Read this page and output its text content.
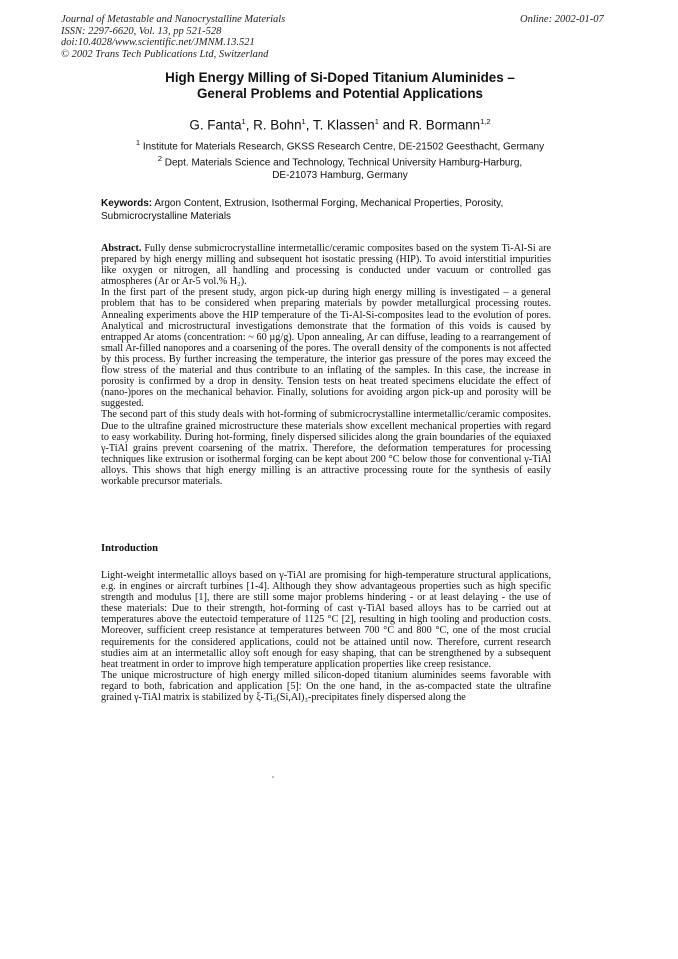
Journal of Metastable and Nanocrystalline Materials
ISSN: 2297-6620, Vol. 13, pp 521-528
doi:10.4028/www.scientific.net/JMNM.13.521
© 2002 Trans Tech Publications Ltd, Switzerland
Online: 2002-01-07
High Energy Milling of Si-Doped Titanium Aluminides –
General Problems and Potential Applications
G. Fanta$^1$, R. Bohn$^1$, T. Klassen$^1$ and R. Bormann$^{1,2}$
$^1$ Institute for Materials Research, GKSS Research Centre, DE-21502 Geesthacht, Germany
$^2$ Dept. Materials Science and Technology, Technical University Hamburg-Harburg,
DE-21073 Hamburg, Germany
Keywords: Argon Content, Extrusion, Isothermal Forging, Mechanical Properties, Porosity, Submicrocrystalline Materials

Abstract. Fully dense submicrocrystalline intermetallic/ceramic composites based on the system Ti-Al-Si are prepared by high energy milling and subsequent hot isostatic pressing (HIP). To avoid interstitial impurities like oxygen or nitrogen, all handling and processing is conducted under vacuum or controlled gas atmospheres (Ar or Ar-5 vol.% H₂).

In the first part of the present study, argon pick-up during high energy milling is investigated – a general problem that has to be considered when preparing materials by powder metallurgical processing routes. Annealing experiments above the HIP temperature of the Ti-Al-Si-composites lead to the evolution of pores. Analytical and microstructural investigations demonstrate that the formation of this voids is caused by entrapped Ar atoms (concentration: ~ 60 µg/g). Upon annealing, Ar can diffuse, leading to a rearrangement of small Ar-filled nanopores and a coarsening of the pores. The overall density of the components is not affected by this process. By further increasing the temperature, the interior gas pressure of the pores may exceed the flow stress of the material and thus contribute to an inflating of the samples. In this case, the increase in porosity is confirmed by a drop in density. Tension tests on heat treated specimens elucidate the effect of (nano-)pores on the mechanical behavior. Finally, solutions for avoiding argon pick-up and porosity will be suggested.

The second part of this study deals with hot-forming of submicrocrystalline intermetallic/ceramic composites. Due to the ultrafine grained microstructure these materials show excellent mechanical properties with regard to easy workability. During hot-forming, finely dispersed silicides along the grain boundaries of the equiaxed γ-TiAl grains prevent coarsening of the matrix. Therefore, the deformation temperatures for processing techniques like extrusion or isothermal forging can be kept about 200 °C below those for conventional γ-TiAl alloys. This shows that high energy milling is an attractive processing route for the synthesis of easily workable precursor materials.

Introduction

Light-weight intermetallic alloys based on γ-TiAl are promising for high-temperature structural applications, e.g. in engines or aircraft turbines [1-4]. Although they show advantageous properties such as high specific strength and modulus [1], there are still some major problems hindering - or at least delaying - the use of these materials: Due to their strength, hot-forming of cast γ-TiAl based alloys has to be carried out at temperatures above the eutectoid temperature of 1125 °C [2], resulting in high tooling and production costs. Moreover, sufficient creep resistance at temperatures between 700 °C and 800 °C, one of the most crucial requirements for the considered applications, could not be attained until now. Therefore, current research studies aim at an intermetallic alloy soft enough for easy shaping, that can be strengthened by a subsequent heat treatment in order to improve high temperature application properties like creep resistance.

The unique microstructure of high energy milled silicon-doped titanium aluminides seems favorable with regard to both, fabrication and application [5]: On the one hand, in the as-compacted state the ultrafine grained γ-TiAl matrix is stabilized by ξ-Ti₅(Si,Al)₃-precipitates finely dispersed along the
